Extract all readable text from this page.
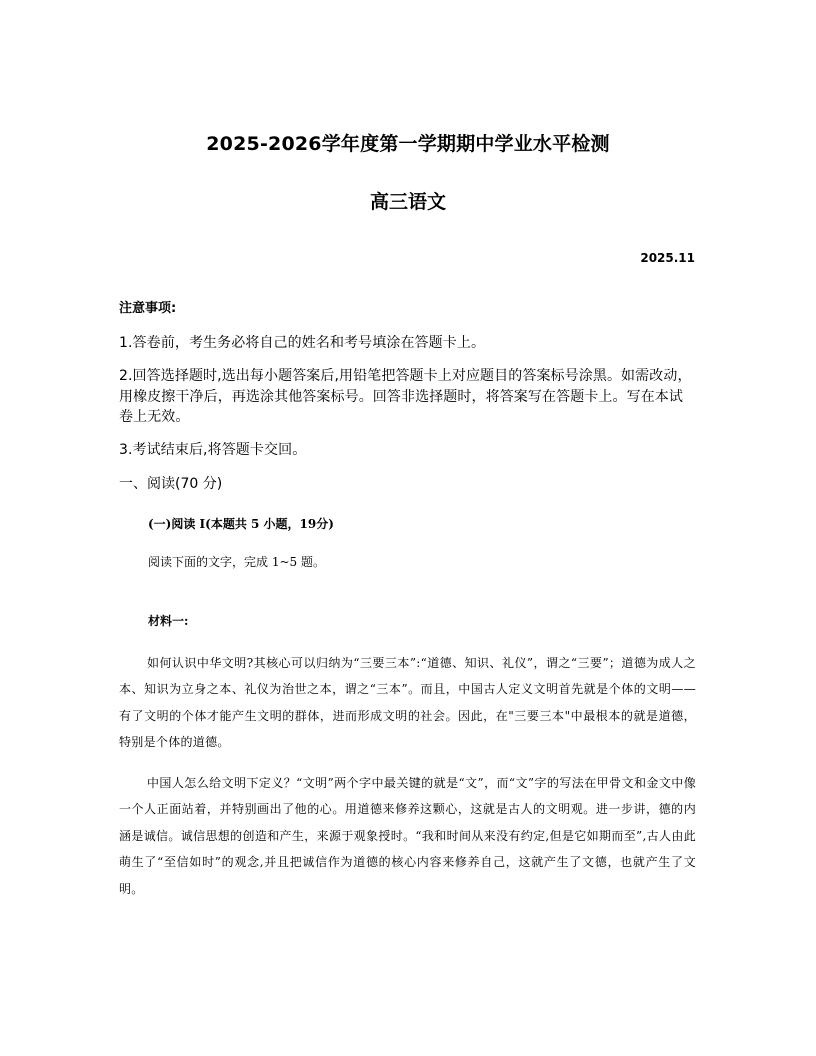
2025-2026学年度第一学期期中学业水平检测
高三语文
2025.11
注意事项:
1.答卷前，考生务必将自己的姓名和考号填涂在答题卡上。
2.回答选择题时,选出每小题答案后,用铅笔把答题卡上对应题目的答案标号涂黑。如需改动，用橡皮擦干净后，再选涂其他答案标号。回答非选择题时，将答案写在答题卡上。写在本试卷上无效。
3.考试结束后,将答题卡交回。
一、阅读(70 分)
(一)阅读 I(本题共 5 小题，19分)
阅读下面的文字，完成 1~5 题。
材料一:
如何认识中华文明?其核心可以归纳为“三要三本”:“道德、知识、礼仪”，谓之“三要”；道德为成人之本、知识为立身之本、礼仪为治世之本，谓之“三本”。而且，中国古人定义文明首先就是个体的文明——有了文明的个体才能产生文明的群体，进而形成文明的社会。因此，在"三要三本"中最根本的就是道德，特别是个体的道德。
中国人怎么给文明下定义？“文明”两个字中最关键的就是“文”，而“文”字的写法在甲骨文和金文中像一个人正面站着，并特别画出了他的心。用道德来修养这颗心，这就是古人的文明观。进一步讲，德的内涵是诚信。诚信思想的创造和产生，来源于观象授时。“我和时间从来没有约定,但是它如期而至”,古人由此萌生了“至信如时”的观念,并且把诚信作为道德的核心内容来修养自己，这就产生了文德，也就产生了文明。
